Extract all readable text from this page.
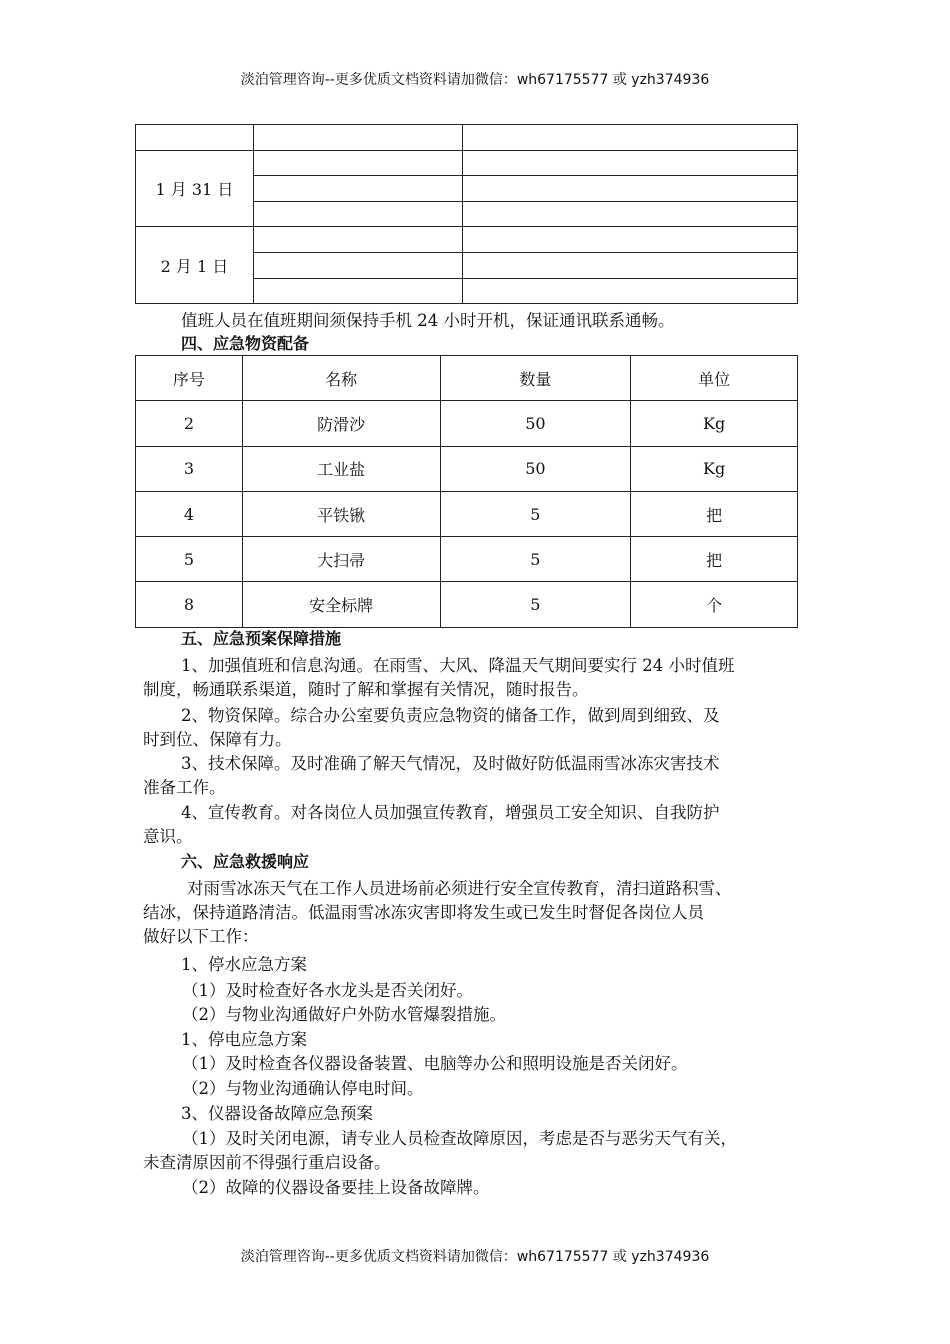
淡泊管理咨询--更多优质文档资料请加微信：wh67175577 或 yzh374936

1 月 31 日		

2 月 1 日		

值班人员在值班期间须保持手机 24 小时开机，保证通讯联系通畅。
四、应急物资配备
序号	名称	数量	单位
2	防滑沙	50	Kg
3	工业盐	50	Kg
4	平铁锹	5	把
5	大扫帚	5	把
8	安全标牌	5	个
五、应急预案保障措施
1、加强值班和信息沟通。在雨雪、大风、降温天气期间要实行 24 小时值班
制度，畅通联系渠道，随时了解和掌握有关情况，随时报告。
2、物资保障。综合办公室要负责应急物资的储备工作，做到周到细致、及
时到位、保障有力。
3、技术保障。及时准确了解天气情况，及时做好防低温雨雪冰冻灾害技术
准备工作。
4、宣传教育。对各岗位人员加强宣传教育，增强员工安全知识、自我防护
意识。
六、应急救援响应
对雨雪冰冻天气在工作人员进场前必须进行安全宣传教育，清扫道路积雪、
结冰，保持道路清洁。低温雨雪冰冻灾害即将发生或已发生时督促各岗位人员
做好以下工作：
1、停水应急方案
（1）及时检查好各水龙头是否关闭好。
（2）与物业沟通做好户外防水管爆裂措施。
1、停电应急方案
（1）及时检查各仪器设备装置、电脑等办公和照明设施是否关闭好。
（2）与物业沟通确认停电时间。
3、仪器设备故障应急预案
（1）及时关闭电源，请专业人员检查故障原因，考虑是否与恶劣天气有关，
未查清原因前不得强行重启设备。
（2）故障的仪器设备要挂上设备故障牌。
淡泊管理咨询--更多优质文档资料请加微信：wh67175577 或 yzh374936
